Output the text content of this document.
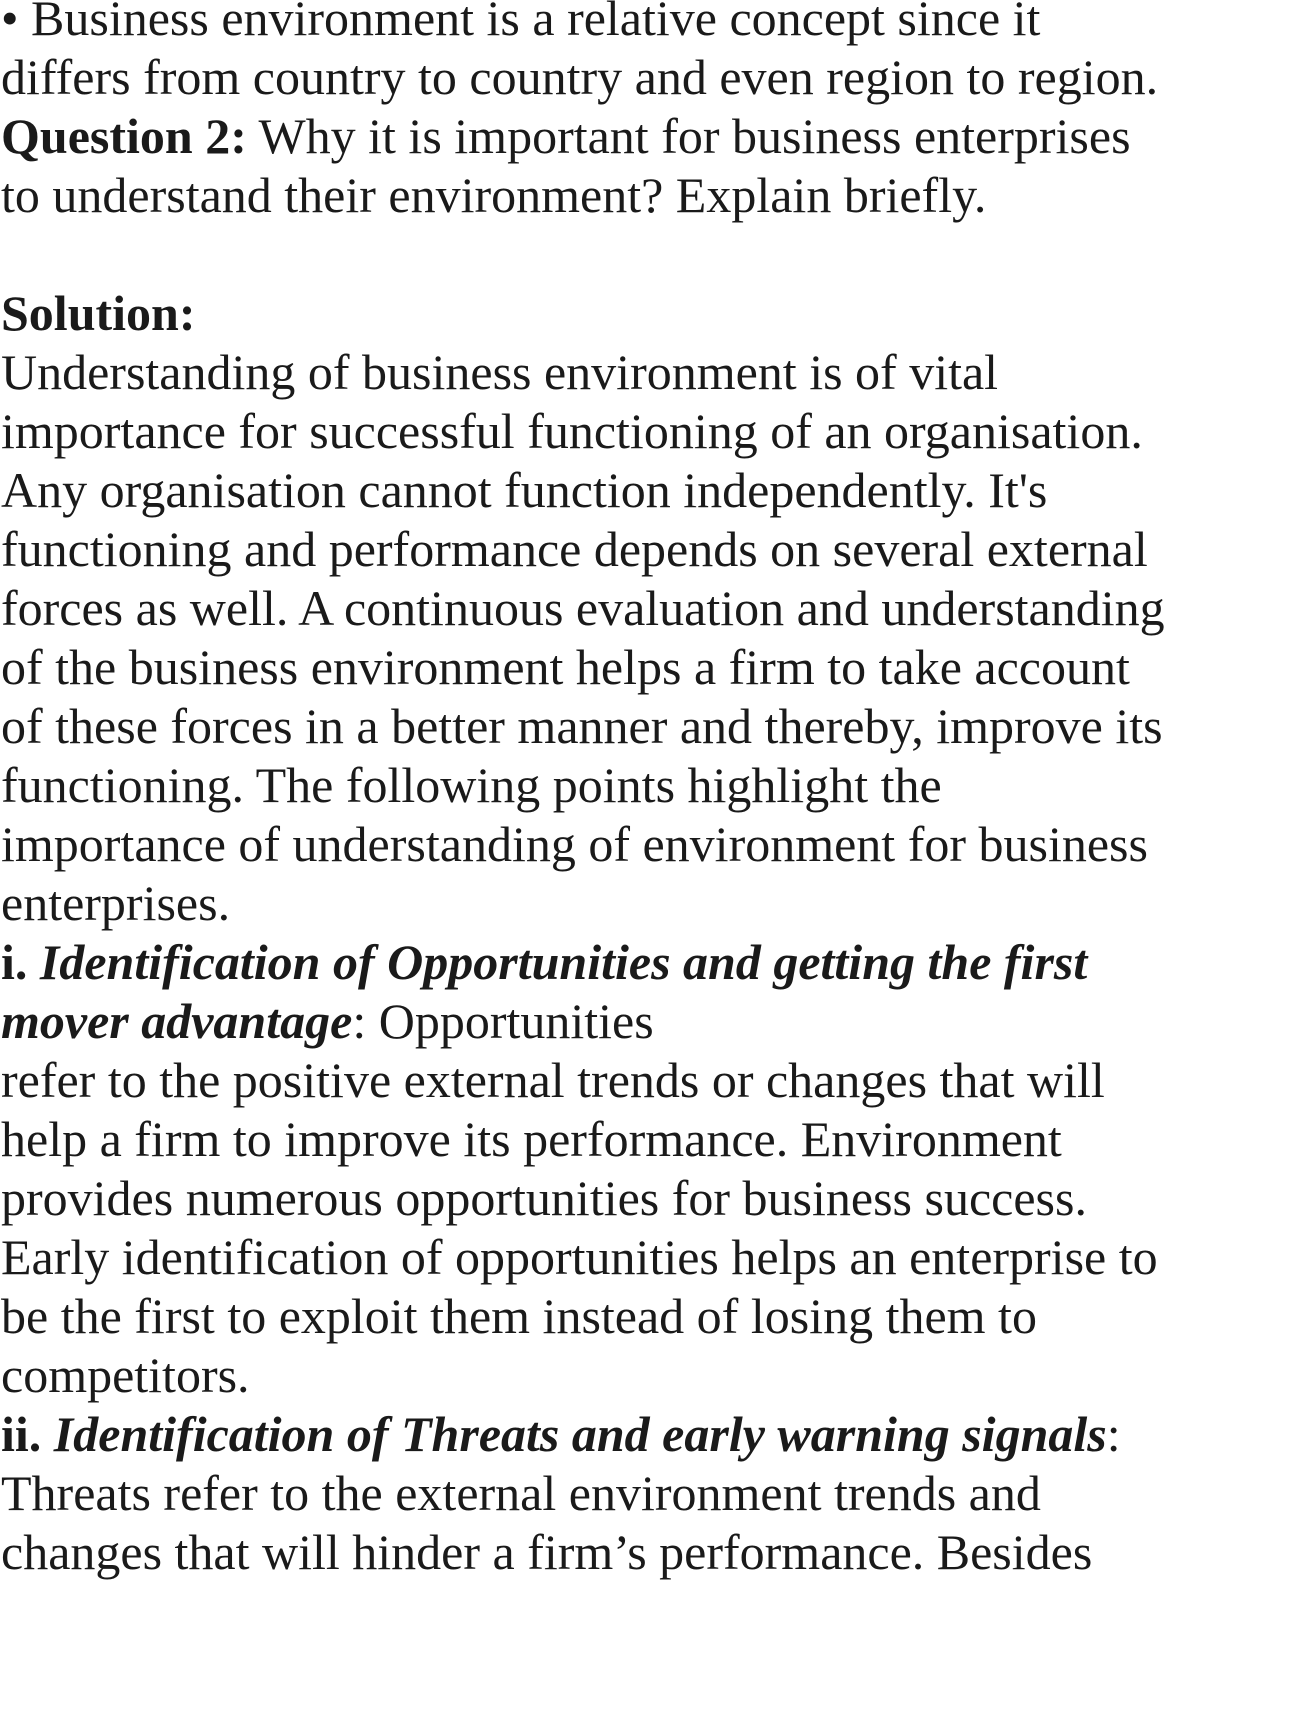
• Business environment is a relative concept since it
differs from country to country and even region to region.
Question 2: Why it is important for business enterprises
to understand their environment? Explain briefly.
Solution:
Understanding of business environment is of vital
importance for successful functioning of an organisation.
Any organisation cannot function independently. It's
functioning and performance depends on several external
forces as well. A continuous evaluation and understanding
of the business environment helps a firm to take account
of these forces in a better manner and thereby, improve its
functioning. The following points highlight the
importance of understanding of environment for business
enterprises.
i. Identification of Opportunities and getting the first
mover advantage: Opportunities
refer to the positive external trends or changes that will
help a firm to improve its performance. Environment
provides numerous opportunities for business success.
Early identification of opportunities helps an enterprise to
be the first to exploit them instead of losing them to
competitors.
ii. Identification of Threats and early warning signals:
Threats refer to the external environment trends and
changes that will hinder a firm’s performance. Besides
